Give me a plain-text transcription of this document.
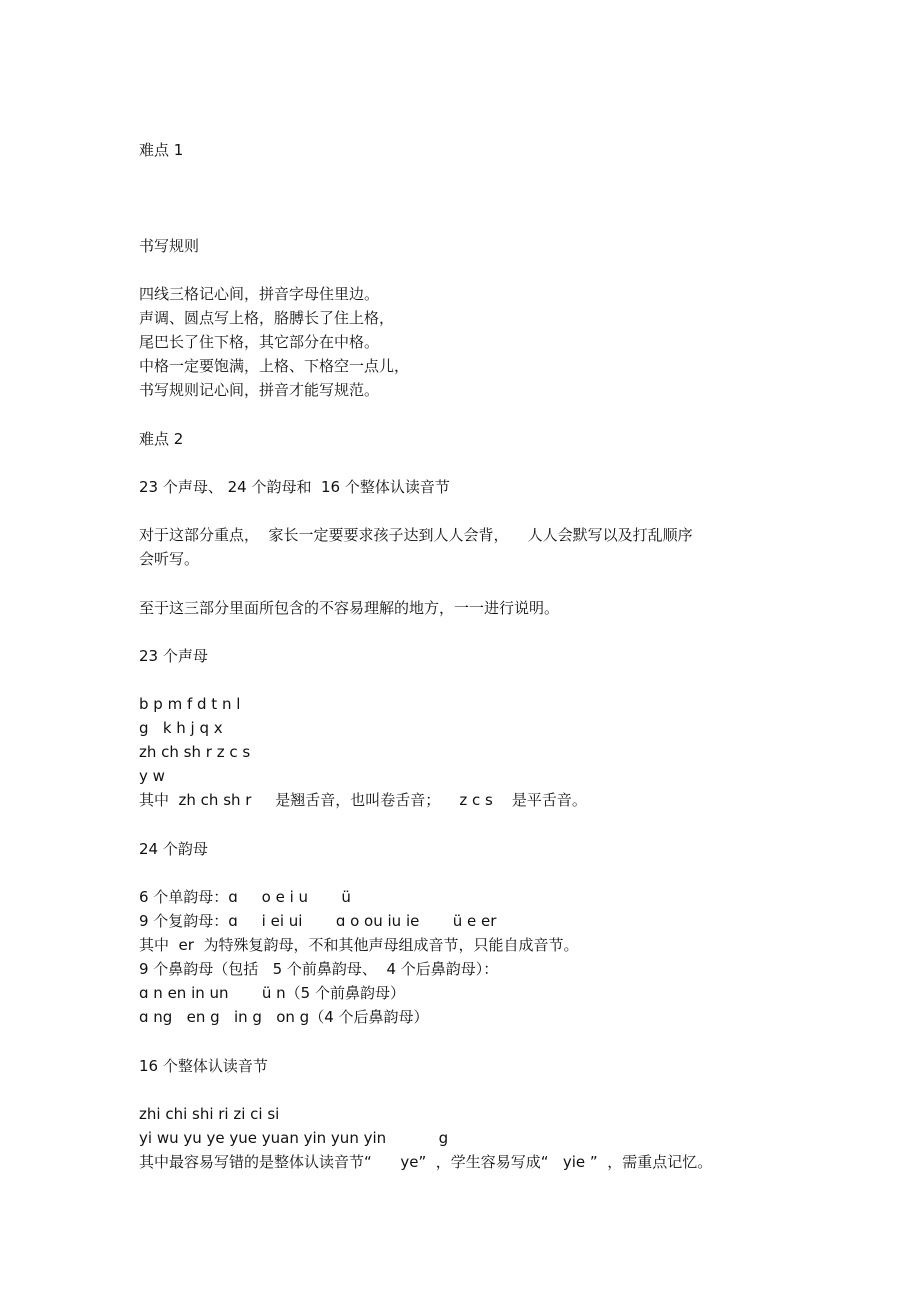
难点 1

书写规则

四线三格记心间，拼音字母住里边。

声调、圆点写上格，胳膊长了住上格，

尾巴长了住下格，其它部分在中格。

中格一定要饱满，上格、下格空一点儿，

书写规则记心间，拼音才能写规范。

难点 2

23 个声母、 24 个韵母和  16 个整体认读音节

对于这部分重点，  家长一定要要求孩子达到人人会背，    人人会默写以及打乱顺序

会听写。

至于这三部分里面所包含的不容易理解的地方，一一进行说明。

23 个声母

b p m f d t n l

g   k h j q x

zh ch sh r z c s

y w

其中  zh ch sh r     是翘舌音，也叫卷舌音；    z c s    是平舌音。

24 个韵母

6 个单韵母：ɑ     o e i u       ü

9 个复韵母：ɑ     i ei ui       ɑ o ou iu ie       ü e er

其中  er  为特殊复韵母，不和其他声母组成音节，只能自成音节。

9 个鼻韵母（包括   5 个前鼻韵母、  4 个后鼻韵母）：

ɑ n en in un       ü n（5 个前鼻韵母）

ɑ ng   en g   in g   on g（4 个后鼻韵母）

16 个整体认读音节

zhi chi shi ri zi ci si

yi wu yu ye yue yuan yin yun yin           g

其中最容易写错的是整体认读音节“      ye”  ，学生容易写成“   yie ”  ，需重点记忆。
